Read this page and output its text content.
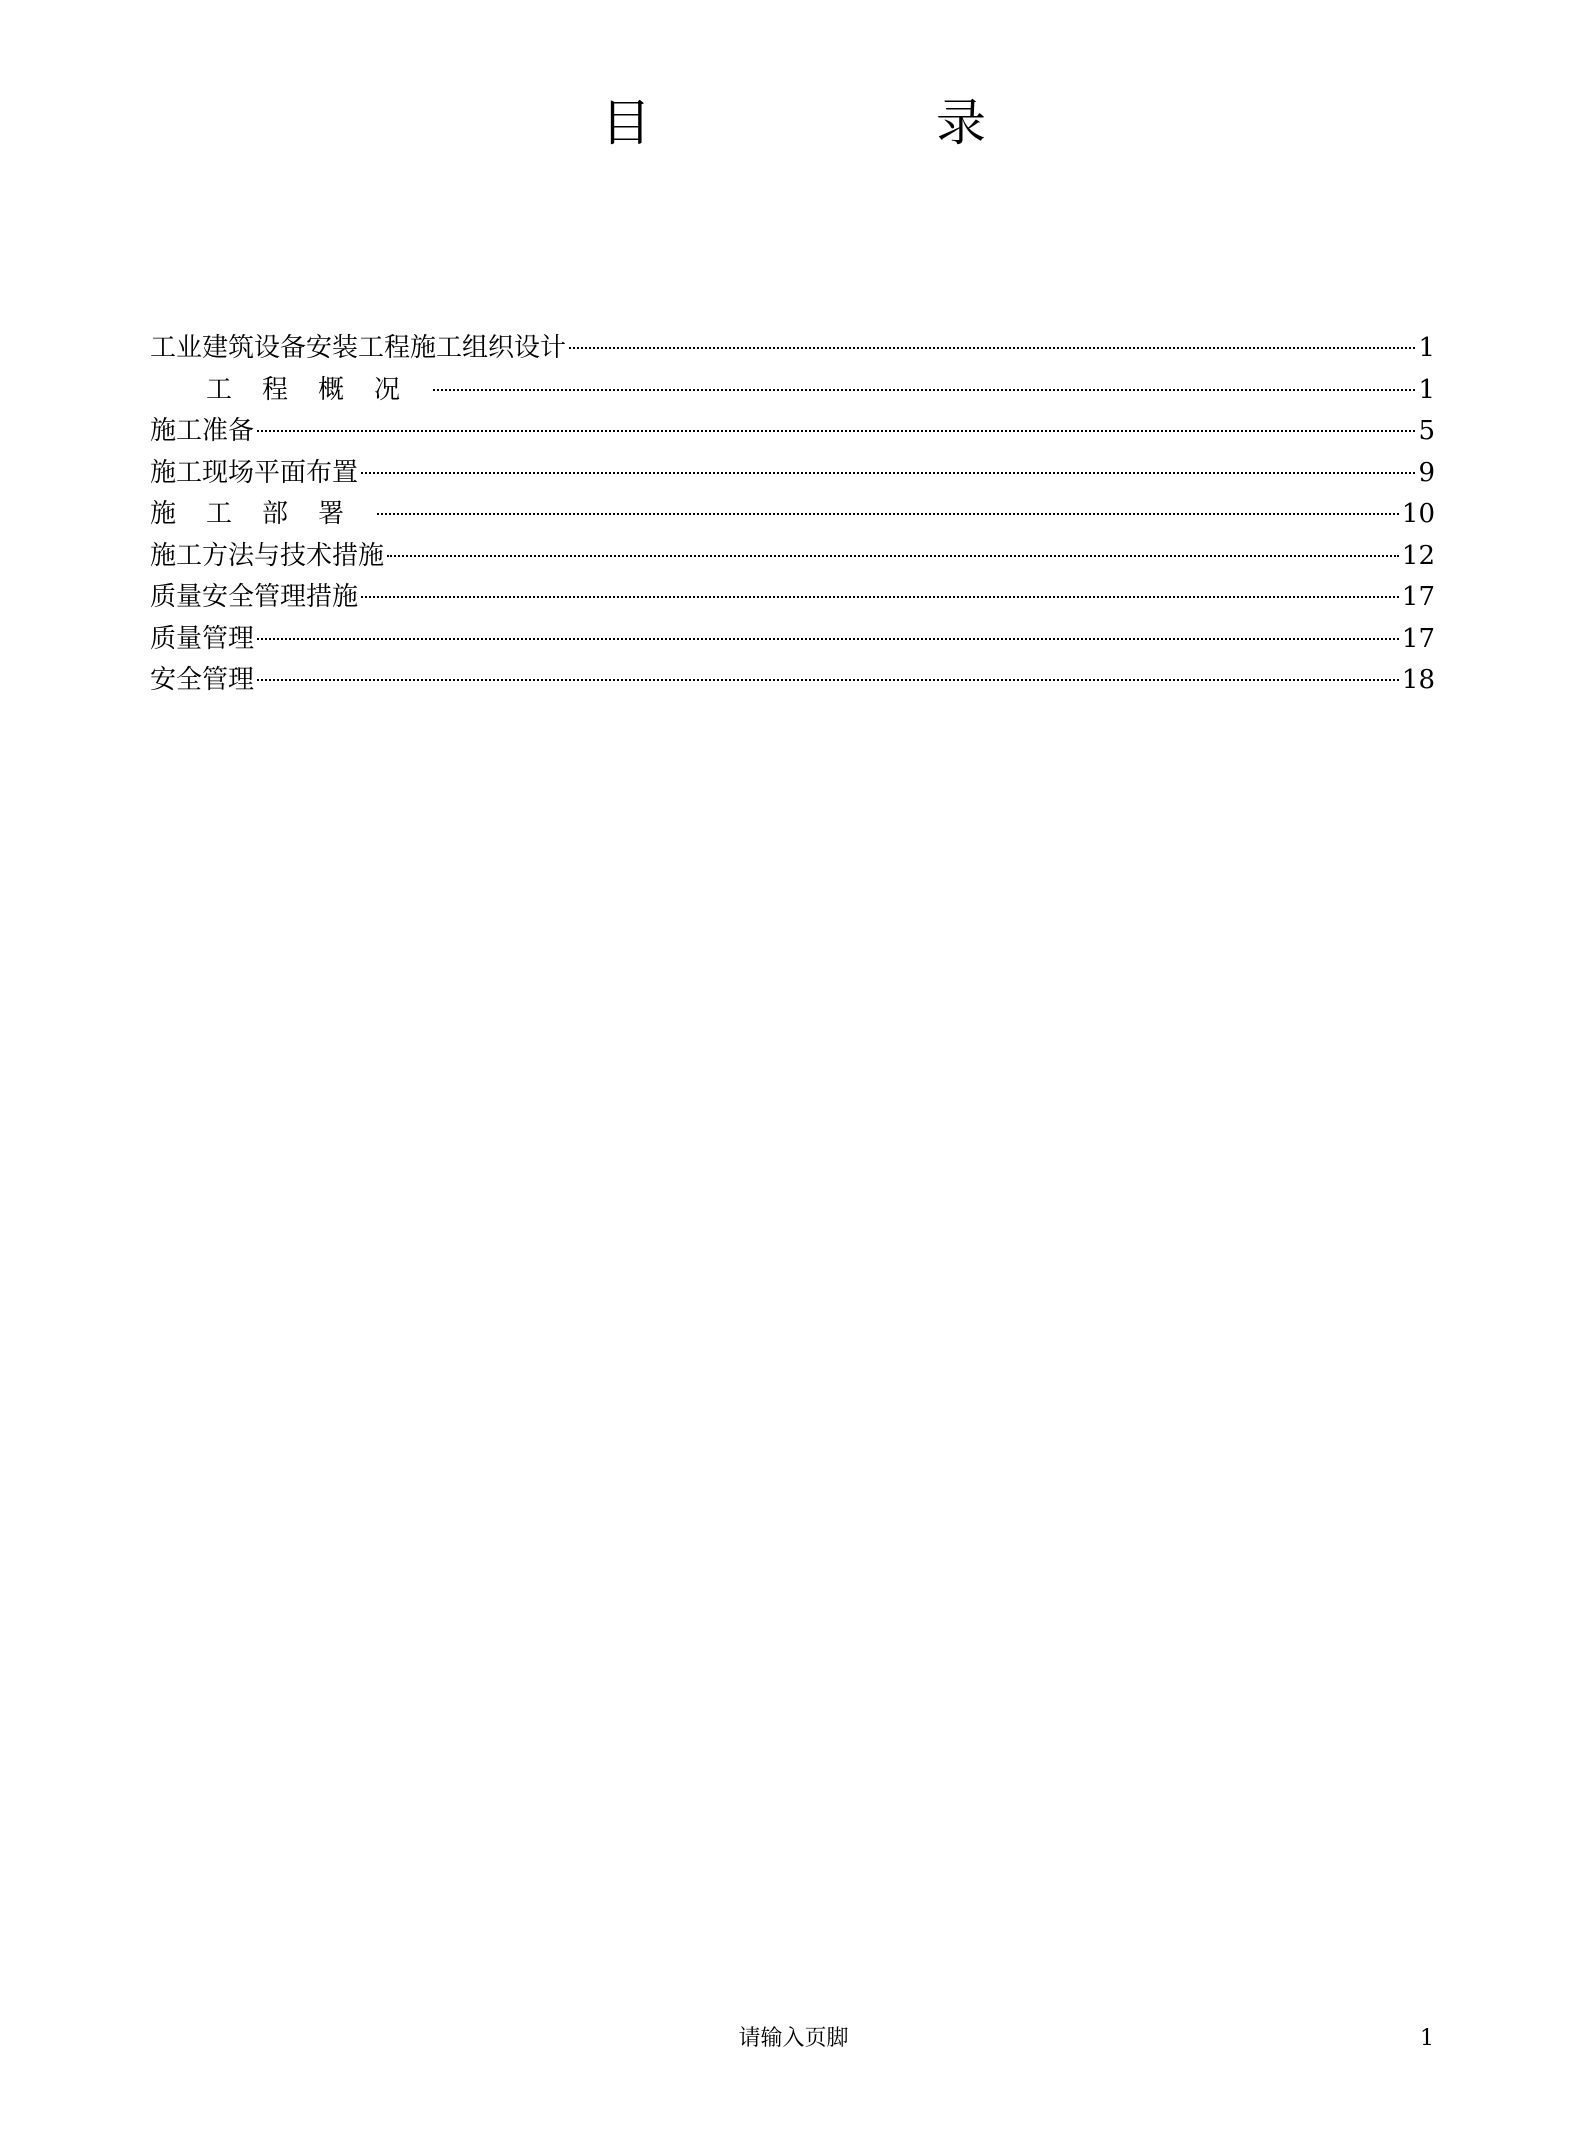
目	录
工业建筑设备安装工程施工组织设计	1
工程概况	1
施工准备	5
施工现场平面布置	9
施工部署	10
施工方法与技术措施	12
质量安全管理措施	17
质量管理	17
安全管理	18
请输入页脚	1
